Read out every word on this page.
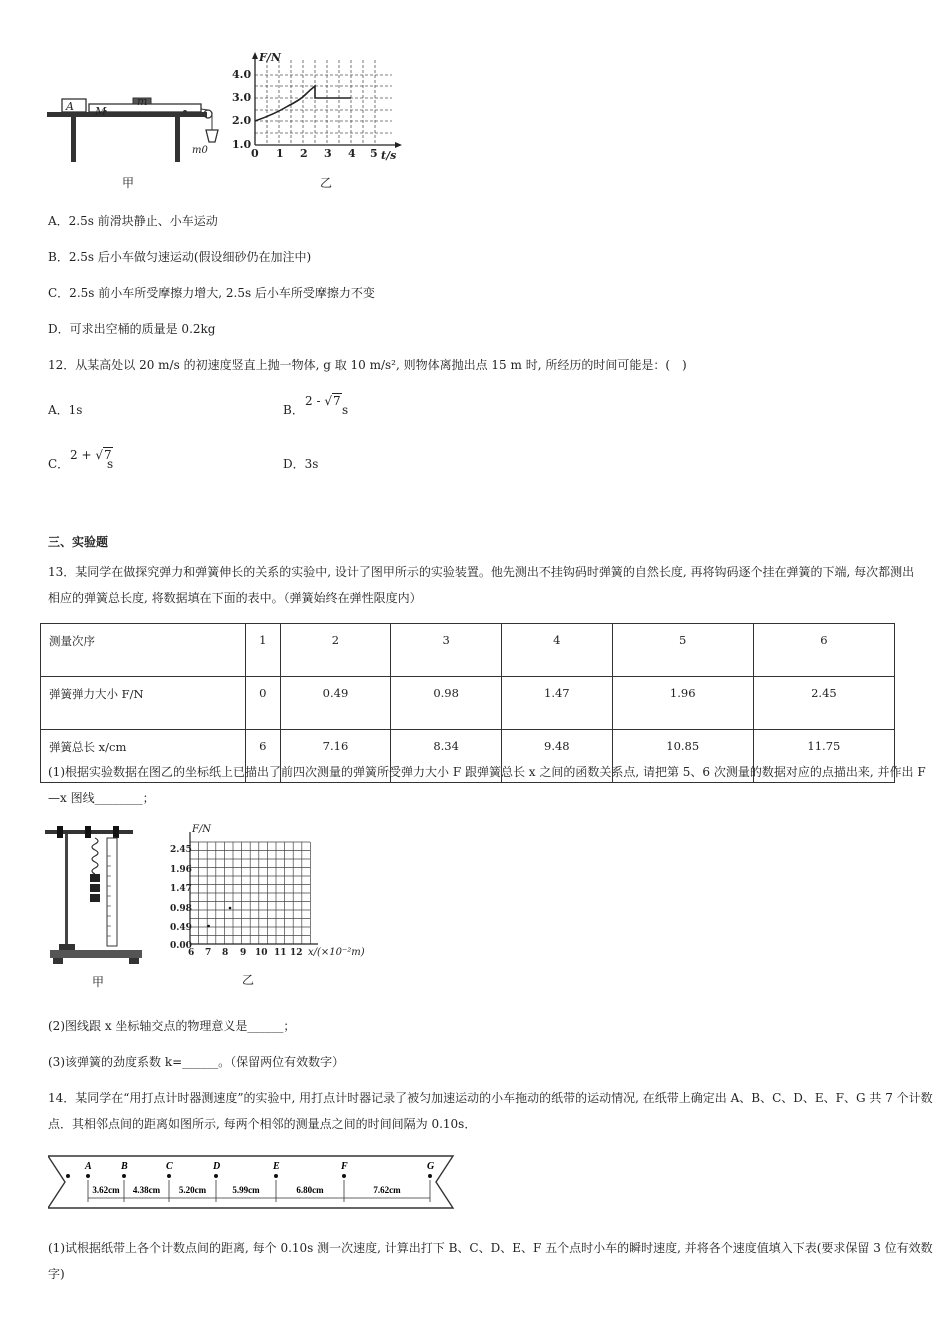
A M
m
m0
甲
F/N
4.0
3.0
2.0
1.0
0 1 2 3 4 5 t/s
乙
A．2.5s 前滑块静止、小车运动
B．2.5s 后小车做匀速运动(假设细砂仍在加注中)
C．2.5s 前小车所受摩擦力增大, 2.5s 后小车所受摩擦力不变
D．可求出空桶的质量是 0.2kg
12．从某高处以 20 m/s 的初速度竖直上抛一物体, g 取 10 m/s², 则物体离抛出点 15 m 时, 所经历的时间可能是：(　)
A．1s	B．
2 - √7
s
C．
2 + √7
s	D．3s
三、实验题
13．某同学在做探究弹力和弹簧伸长的关系的实验中, 设计了图甲所示的实验装置。他先测出不挂钩码时弹簧的自然长度, 再将钩码逐个挂在弹簧的下端, 每次都测出
相应的弹簧总长度, 将数据填在下面的表中。（弹簧始终在弹性限度内）
测量次序	1	2	3	4	5	6
弹簧弹力大小 F/N	0	0.49	0.98	1.47	1.96	2.45
弹簧总长 x/cm	6	7.16	8.34	9.48	10.85	11.75
(1)根据实验数据在图乙的坐标纸上已描出了前四次测量的弹簧所受弹力大小 F 跟弹簧总长 x 之间的函数关系点, 请把第 5、6 次测量的数据对应的点描出来, 并作出 F
—x 图线________；
甲
F/N
2.45
1.96
1.47
0.98
0.49
0.00
6 7 8 9 10 11 12 x/(×10⁻²m)
乙
(2)图线跟 x 坐标轴交点的物理意义是______；
(3)该弹簧的劲度系数 k=______。（保留两位有效数字）
14．某同学在“用打点计时器测速度”的实验中, 用打点计时器记录了被匀加速运动的小车拖动的纸带的运动情况, 在纸带上确定出 A、B、C、D、E、F、G 共 7 个计数
点．其相邻点间的距离如图所示, 每两个相邻的测量点之间的时间间隔为 0.10s．
A	B	C	D	E	F	G
3.62cm 4.38cm 5.20cm	5.99cm	6.80cm	7.62cm
(1)试根据纸带上各个计数点间的距离, 每个 0.10s 测一次速度, 计算出打下 B、C、D、E、F 五个点时小车的瞬时速度, 并将各个速度值填入下表(要求保留 3 位有效数
字)
